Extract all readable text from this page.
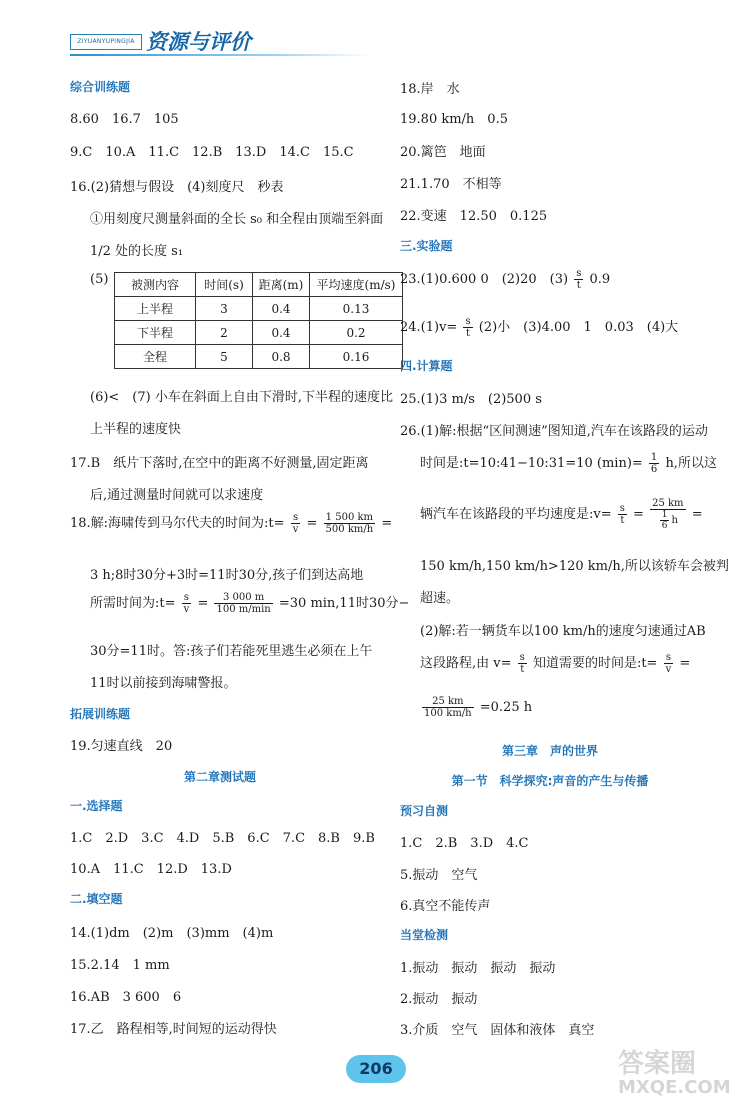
ZIYUANYUPINGJIA 资源与评价
综合训练题
8.60　16.7　105
9.C　10.A　11.C　12.B　13.D　14.C　15.C
16.(2)猜想与假设　(4)刻度尺　秒表
①用刻度尺测量斜面的全长 s₀ 和全程由顶端至斜面
1/2 处的长度 s₁
(5) 被测内容	时间(s)	距离(m)	平均速度(m/s)
上半程	3	0.4	0.13
下半程	2	0.4	0.2
全程	5	0.8	0.16
(6)<　(7) 小车在斜面上自由下滑时,下半程的速度比
上半程的速度快
17.B　纸片下落时,在空中的距离不好测量,固定距离
后,通过测量时间就可以求速度
18.解:海啸传到马尔代夫的时间为:t= $\frac{s}{v} = \frac{1 500 km}{500 km/h}$ =
3 h;8时30分+3时=11时30分,孩子们到达高地
所需时间为:t= $\frac{s}{v} = \frac{3 000 m}{100 m/\min} =30$ min,11时30分−
30分=11时。答:孩子们若能死里逃生必须在上午
11时以前接到海啸警报。
拓展训练题
19.匀速直线　20
第二章测试题
一.选择题
1.C　2.D　3.C　4.D　5.B　6.C　7.C　8.B　9.B
10.A　11.C　12.D　13.D
二.填空题
14.(1)dm　(2)m　(3)mm　(4)m
15.2.14　1 mm
16.AB　3 600　6
17.乙　路程相等,时间短的运动得快
18.岸　水
19.80 km/h　0.5
20.篱笆　地面
21.1.70　不相等
22.变速　12.50　0.125
三.实验题
23.(1)0.600 0　(2)20　$(3) \frac{s}{t} 0.9$
$24.(1)v= \frac{s}{t} (2)$小　(3)4.00　1　0.03　(4)大
四.计算题
25.(1)3 m/s　(2)500 s
26.(1)解:根据“区间测速”图知道,汽车在该路段的运动
时间是:t=10:41−10:31=10 $(\min)= \frac{1}{6} h$,所以这
辆汽车在该路段的平均速度是:v= $\frac{s}{t} = \frac{25 km}{\frac{1}{6} h}$ =
150 km/h,150 km/h>120 km/h,所以该轿车会被判
超速。
(2)解:若一辆货车以100 km/h的速度匀速通过AB
这段路程,由 $v= \frac{s}{t}$ 知道需要的时间是:t= $\frac{s}{v}$ =
$\frac{25 km}{100 km/h} =0.25$ h
第三章　声的世界
第一节　科学探究:声音的产生与传播
预习自测
1.C　2.B　3.D　4.C
5.振动　空气
6.真空不能传声
当堂检测
1.振动　振动　振动　振动
2.振动　振动
3.介质　空气　固体和液体　真空
206	答案圈
MXQE.COM
